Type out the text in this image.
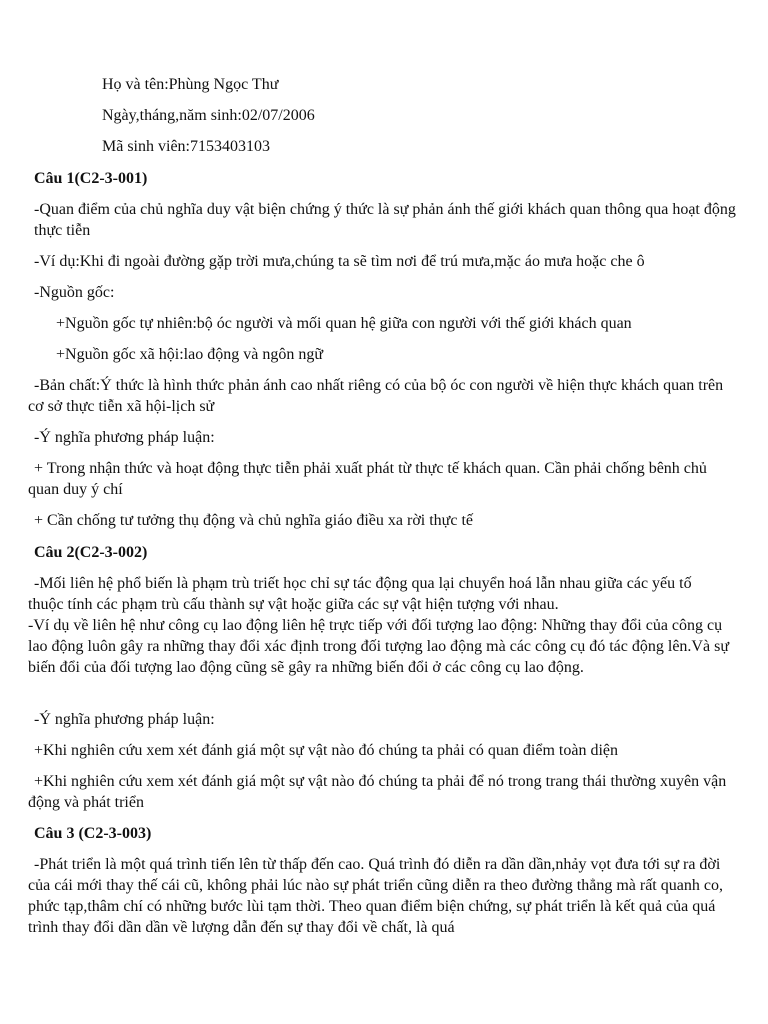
Họ và tên:Phùng Ngọc Thư
Ngày,tháng,năm sinh:02/07/2006
Mã sinh viên:7153403103
Câu 1(C2-3-001)
-Quan điểm của chủ nghĩa duy vật biện chứng ý thức là sự phản ánh thế giới khách quan thông qua hoạt động thực tiễn
-Ví dụ:Khi đi ngoài đường gặp trời mưa,chúng ta sẽ tìm nơi để trú mưa,mặc áo mưa hoặc che ô
-Nguồn gốc:
+Nguồn gốc tự nhiên:bộ óc người và mối quan hệ giữa con người với thế giới khách quan
+Nguồn gốc xã hội:lao động và ngôn ngữ
-Bản chất:Ý thức là hình thức phản ánh cao nhất riêng có của bộ óc con người về hiện thực khách quan trên cơ sở thực tiễn xã hội-lịch sử
-Ý nghĩa phương pháp luận:
+ Trong nhận thức và hoạt động thực tiễn phải xuất phát từ thực tế khách quan. Cần phải chống bênh chủ quan duy ý chí
+ Cần chống tư tưởng thụ động và chủ nghĩa giáo điều xa rời thực tế
Câu 2(C2-3-002)
-Mối liên hệ phổ biến là phạm trù triết học chỉ sự tác động qua lại chuyển hoá lẫn nhau giữa các yếu tố thuộc tính các phạm trù cấu thành sự vật hoặc giữa các sự vật hiện tượng với nhau.
-Ví dụ về liên hệ như công cụ lao động liên hệ trực tiếp với đối tượng lao động: Những thay đổi của công cụ lao động luôn gây ra những thay đổi xác định trong đối tượng lao động mà các công cụ đó tác động lên.Và sự biến đổi của đối tượng lao động cũng sẽ gây ra những biến đổi ở các công cụ lao động.
-Ý nghĩa phương pháp luận:
+Khi nghiên cứu xem xét đánh giá một sự vật nào đó chúng ta phải có quan điểm toàn diện
+Khi nghiên cứu xem xét đánh giá một sự vật nào đó chúng ta phải để nó trong trang thái thường xuyên vận động và phát triển
Câu 3 (C2-3-003)
-Phát triển là một quá trình tiến lên từ thấp đến cao. Quá trình đó diễn ra dần dần,nhảy vọt đưa tới sự ra đời của cái mới thay thế cái cũ, không phải lúc nào sự phát triển cũng diễn ra theo đường thẳng mà rất quanh co, phức tạp,thâm chí có những bước lùi tạm thời. Theo quan điểm biện chứng, sự phát triển là kết quả của quá trình thay đổi dần dần về lượng dẫn đến sự thay đổi về chất, là quá
